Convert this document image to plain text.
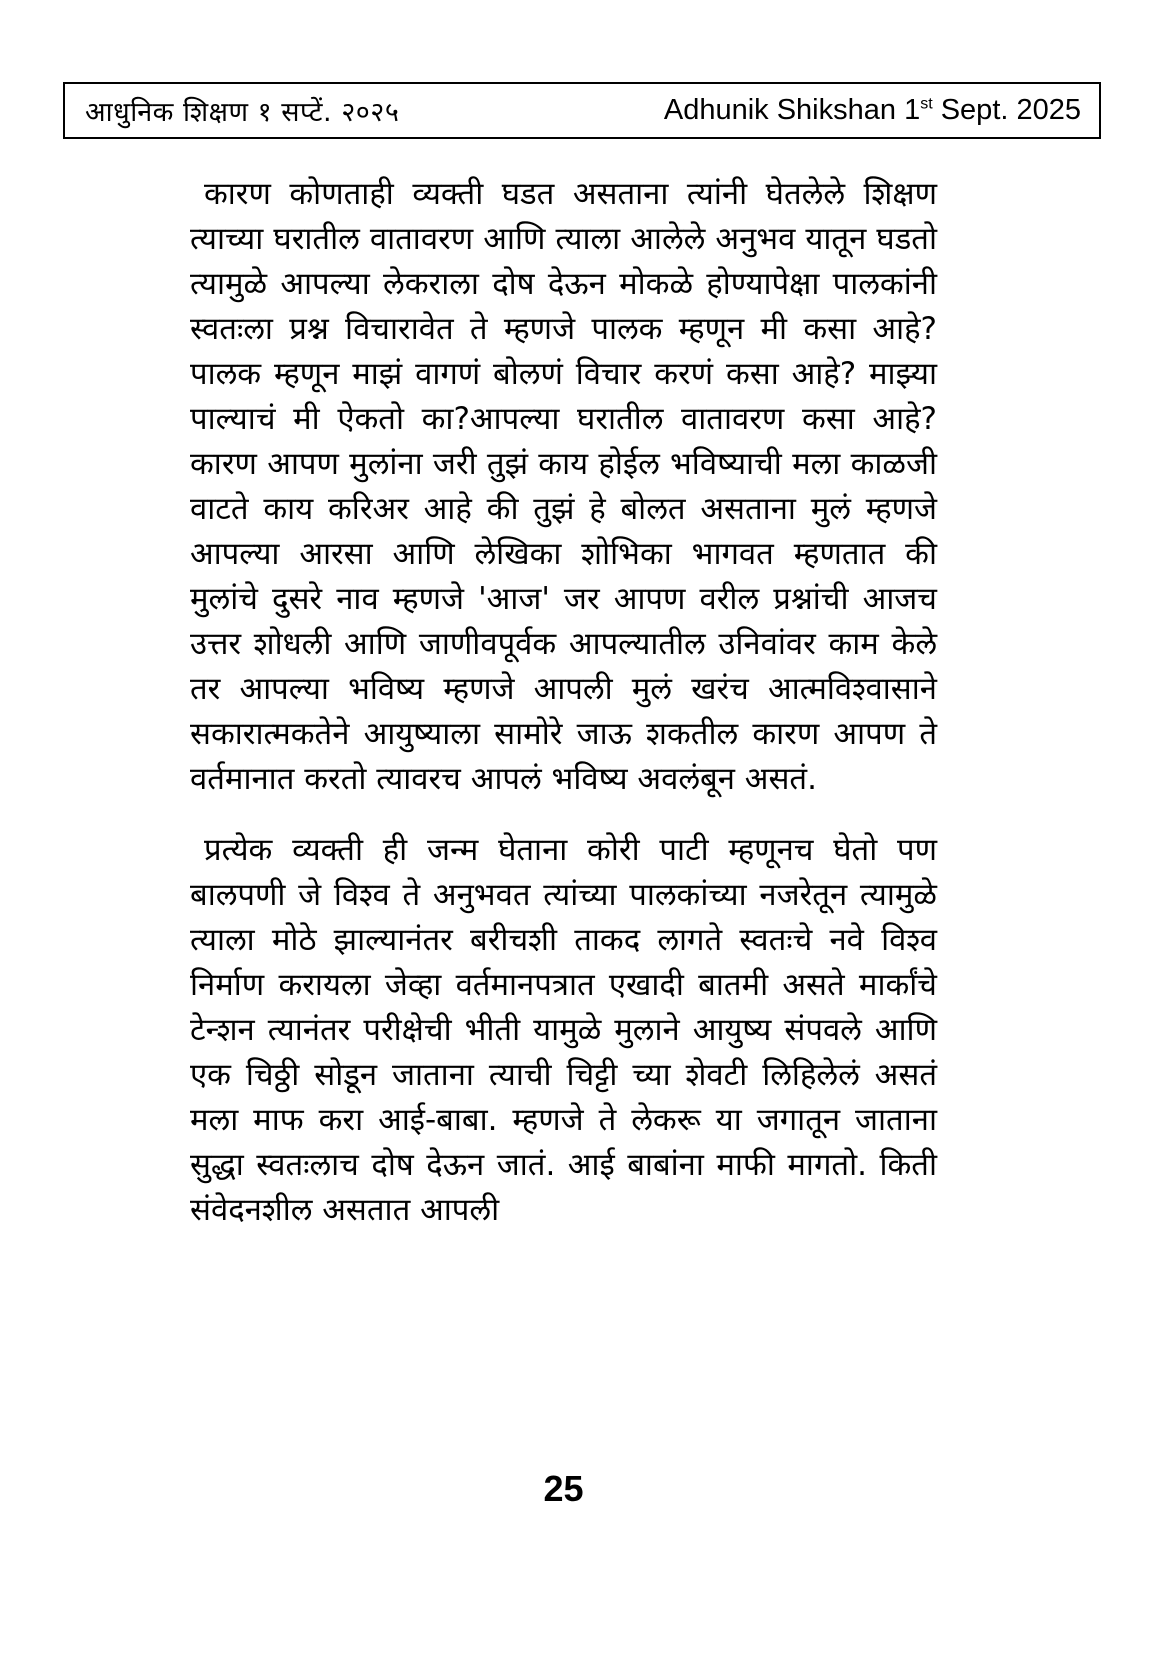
आधुनिक शिक्षण १ सप्टें. २०२५	Adhunik Shikshan 1st Sept. 2025

कारण कोणताही व्यक्ती घडत असताना त्यांनी घेतलेले शिक्षण त्याच्या घरातील वातावरण आणि त्याला आलेले अनुभव यातून घडतो त्यामुळे आपल्या लेकराला दोष देऊन मोकळे होण्यापेक्षा पालकांनी स्वतःला प्रश्न विचारावेत ते म्हणजे पालक म्हणून मी कसा आहे?पालक म्हणून माझं वागणं बोलणं विचार करणं कसा आहे? माझ्या पाल्याचं मी ऐकतो का?आपल्या घरातील वातावरण कसा आहे?कारण आपण मुलांना जरी तुझं काय होईल भविष्याची मला काळजी वाटते काय करिअर आहे की तुझं हे बोलत असताना मुलं म्हणजे आपल्या आरसा आणि लेखिका शोभिका भागवत म्हणतात की मुलांचे दुसरे नाव म्हणजे 'आज' जर आपण वरील प्रश्नांची आजच उत्तर शोधली आणि जाणीवपूर्वक आपल्यातील उनिवांवर काम केले तर आपल्या भविष्य म्हणजे आपली मुलं खरंच आत्मविश्वासाने सकारात्मकतेने आयुष्याला सामोरे जाऊ शकतील कारण आपण ते वर्तमानात करतो त्यावरच आपलं भविष्य अवलंबून असतं.

प्रत्येक व्यक्ती ही जन्म घेताना कोरी पाटी म्हणूनच घेतो पण बालपणी जे विश्व ते अनुभवत त्यांच्या पालकांच्या नजरेतून त्यामुळे त्याला मोठे झाल्यानंतर बरीचशी ताकद लागते स्वतःचे नवे विश्व निर्माण करायला जेव्हा वर्तमानपत्रात एखादी बातमी असते मार्कांचे टेन्शन त्यानंतर परीक्षेची भीती यामुळे मुलाने आयुष्य संपवले आणि एक चिठ्ठी सोडून जाताना त्याची चिट्टी च्या शेवटी लिहिलेलं असतं मला माफ करा आई-बाबा. म्हणजे ते लेकरू या जगातून जाताना सुद्धा स्वतःलाच दोष देऊन जातं. आई बाबांना माफी मागतो. किती संवेदनशील असतात आपली

25
